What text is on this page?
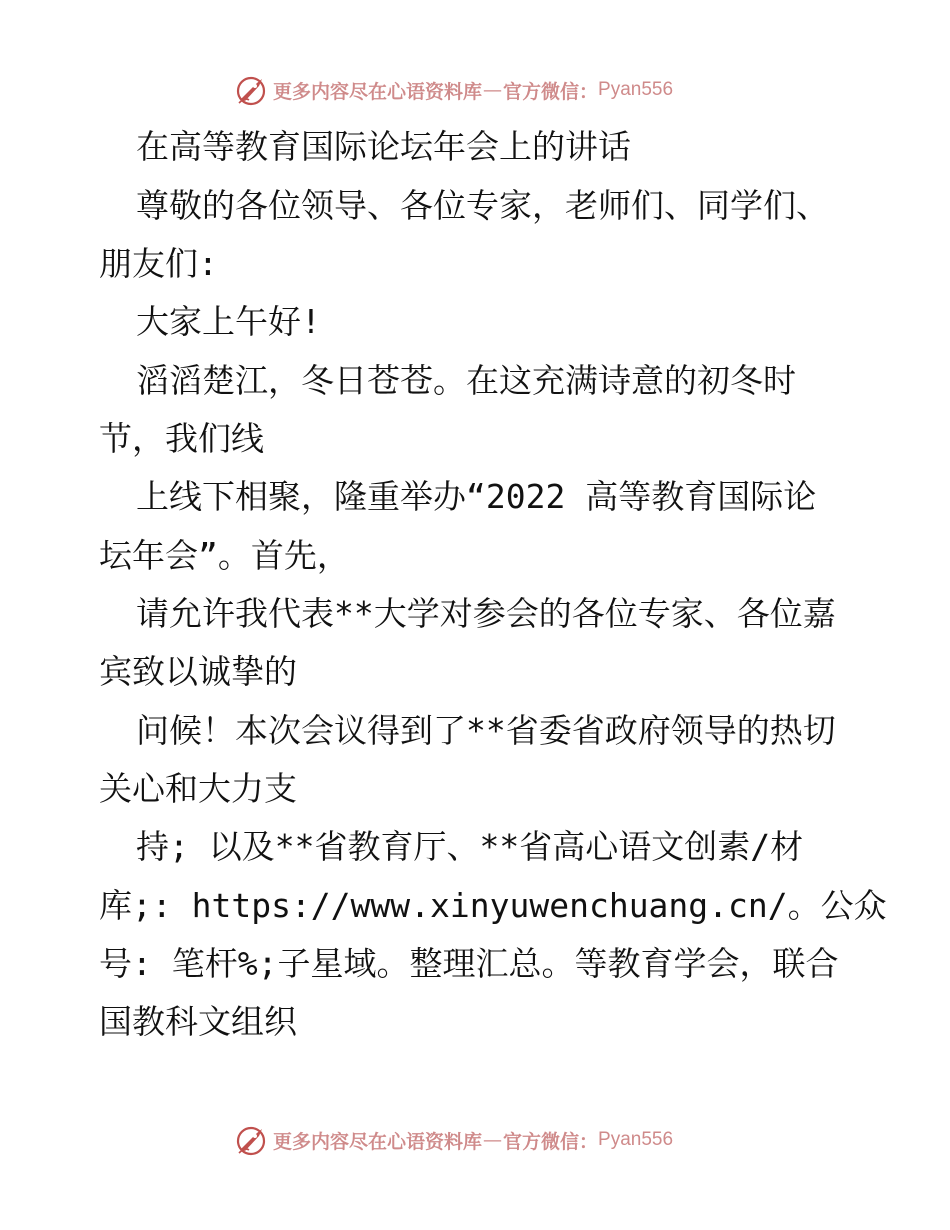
更多内容尽在心语资料库 — 官方微信： Pyan556
在高等教育国际论坛年会上的讲话
尊敬的各位领导、各位专家，老师们、同学们、
朋友们:
大家上午好!
滔滔楚江，冬日苍苍。在这充满诗意的初冬时
节，我们线
上线下相聚，隆重举办“2022 高等教育国际论
坛年会”。首先，
请允许我代表**大学对参会的各位专家、各位嘉
宾致以诚挚的
问候！本次会议得到了**省委省政府领导的热切
关心和大力支
持; 以及**省教育厅、**省高心语文创素/材
库;: https://www.xinyuwenchuang.cn/。公众
号: 笔杆%;子星域。整理汇总。等教育学会，联合
国教科文组织
更多内容尽在心语资料库 — 官方微信： Pyan556
